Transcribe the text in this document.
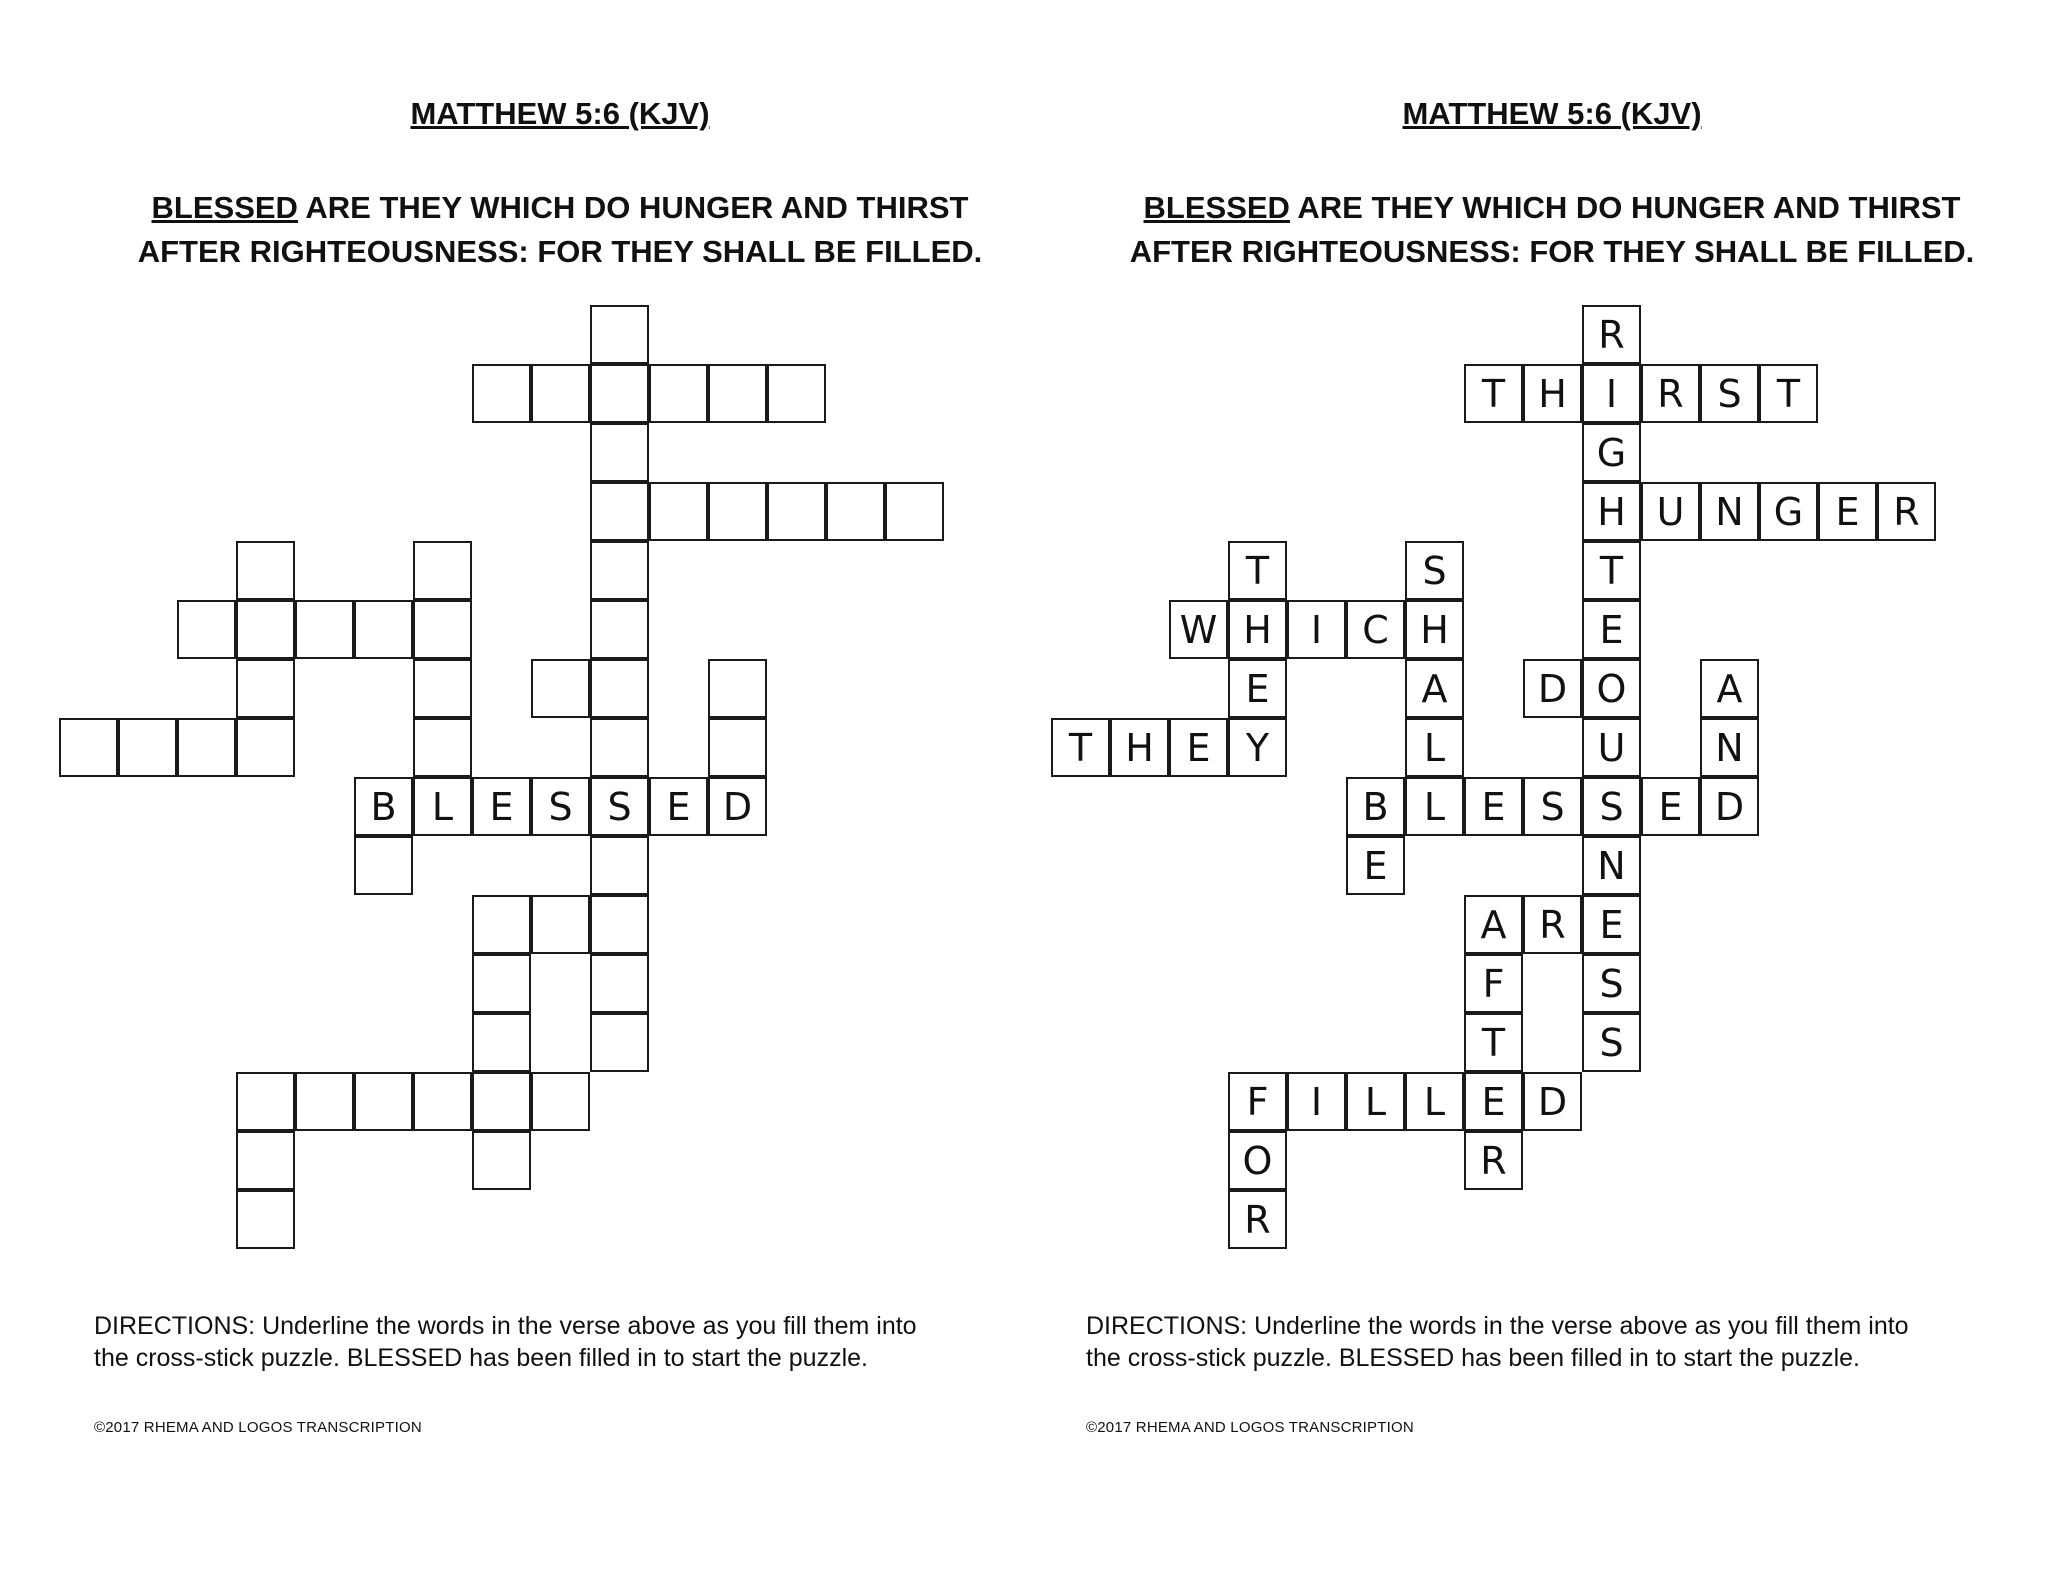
MATTHEW 5:6 (KJV)
BLESSED ARE THEY WHICH DO HUNGER AND THIRST
AFTER RIGHTEOUSNESS: FOR THEY SHALL BE FILLED.
S
L	D
B	E S	E
DIRECTIONS: Underline the words in the verse above as you fill them into
the cross-stick puzzle. BLESSED has been filled in to start the puzzle.
©2017 RHEMA AND LOGOS TRANSCRIPTION
MATTHEW 5:6 (KJV)
BLESSED ARE THEY WHICH DO HUNGER AND THIRST
AFTER RIGHTEOUSNESS: FOR THEY SHALL BE FILLED.
R
I
G
H
T
E
O
U
S
N
E
S
S
T H	R S T
U N G E R
T
H
E
Y
W	I	C H
S
A
L
L
D	A
N
D
T H E
B	E S	E
E
A R
F
T
E
R
F	I	L L	D
O
R
DIRECTIONS: Underline the words in the verse above as you fill them into
the cross-stick puzzle. BLESSED has been filled in to start the puzzle.
©2017 RHEMA AND LOGOS TRANSCRIPTION
